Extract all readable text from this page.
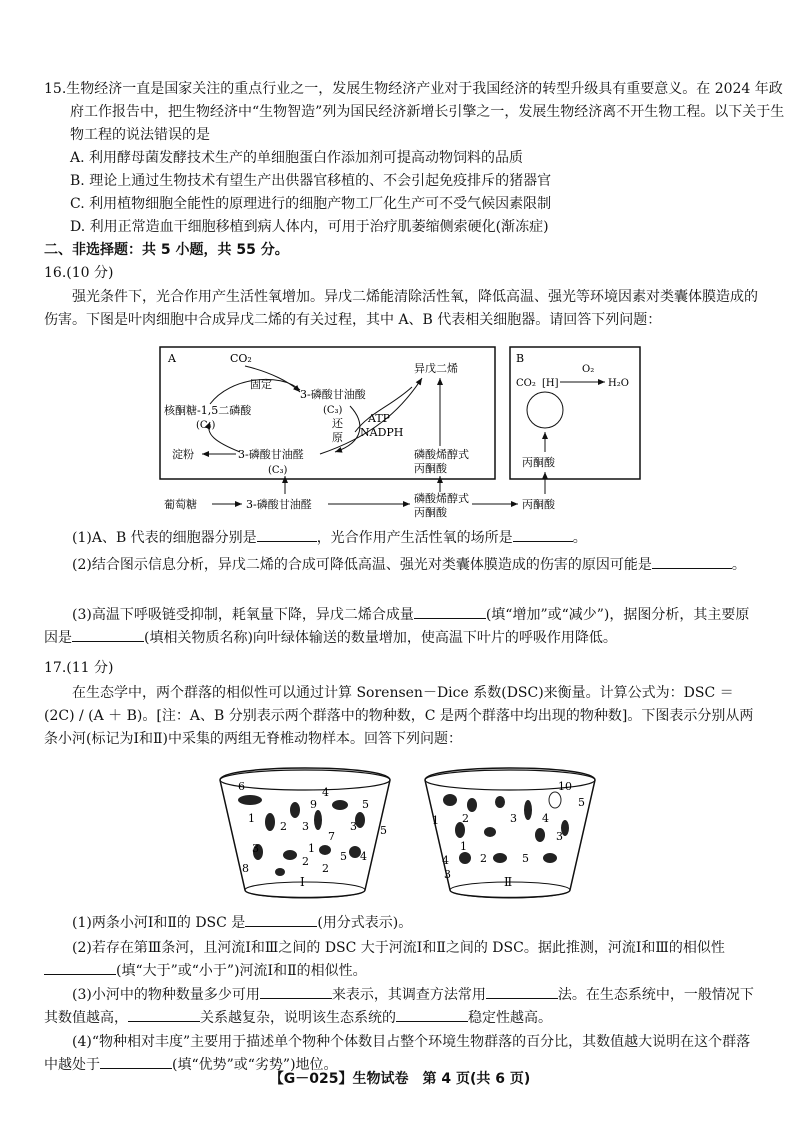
15.生物经济一直是国家关注的重点行业之一，发展生物经济产业对于我国经济的转型升级具有重要意义。在 2024 年政府工作报告中，把生物经济中“生物智造”列为国民经济新增长引擎之一，发展生物经济离不开生物工程。以下关于生物工程的说法错误的是

A. 利用酵母菌发酵技术生产的单细胞蛋白作添加剂可提高动物饲料的品质

B. 理论上通过生物技术有望生产出供器官移植的、不会引起免疫排斥的猪器官

C. 利用植物细胞全能性的原理进行的细胞产物工厂化生产可不受气候因素限制

D. 利用正常造血干细胞移植到病人体内，可用于治疗肌萎缩侧索硬化(渐冻症)

二、非选择题：共 5 小题，共 55 分。

16.(10 分)

强光条件下，光合作用产生活性氧增加。异戊二烯能清除活性氧，降低高温、强光等环境因素对类囊体膜造成的伤害。下图是叶肉细胞中合成异戊二烯的有关过程，其中 A、B 代表相关细胞器。请回答下列问题：

A	CO₂
固定
3-磷酸甘油酸
(C₃)
还
原
ATP
NADPH
核酮糖-1,5二磷酸
(C₅)
异戊二烯
淀粉	3-磷酸甘油醛
(C₃)
磷酸烯醇式
丙酮酸
B
CO₂ [H]
O₂
H₂O
丙酮酸
葡萄糖	3-磷酸甘油醛	磷酸烯醇式
丙酮酸
丙酮酸

(1)A、B 代表的细胞器分别是	，光合作用产生活性氧的场所是	。

(2)结合图示信息分析，异戊二烯的合成可降低高温、强光对类囊体膜造成的伤害的原因可能是	。

(3)高温下呼吸链受抑制，耗氧量下降，异戊二烯合成量	(填“增加”或“减少”)，据图分析，其主要原因是	(填相关物质名称)向叶绿体输送的数量增加，使高温下叶片的呼吸作用降低。

17.(11 分)

在生态学中，两个群落的相似性可以通过计算 Sorensen－Dice 系数(DSC)来衡量。计算公式为：DSC ＝ (2C) / (A ＋ B)。[注：A、B 分别表示两个群落中的物种数，C 是两个群落中均出现的物种数]。下图表示分别从两条小河(标记为Ⅰ和Ⅱ)中采集的两组无脊椎动物样本。回答下列问题：

Ⅰ	Ⅱ
6
1
2 3
4
5
7
9
3 5
2
8
3	1
2
4
5
10
5
1	3 4
2
3
1
2	5
4
3

(1)两条小河Ⅰ和Ⅱ的 DSC 是	(用分式表示)。

(2)若存在第Ⅲ条河，且河流Ⅰ和Ⅲ之间的 DSC 大于河流Ⅰ和Ⅱ之间的 DSC。据此推测，河流Ⅰ和Ⅲ的相似性(填“大于”或“小于”)河流Ⅰ和Ⅱ的相似性。

(3)小河中的物种数量多少可用	来表示，其调查方法常用	法。在生态系统中，一般情况下其数值越高，	关系越复杂，说明该生态系统的	稳定性越高。

(4)“物种相对丰度”主要用于描述单个物种个体数目占整个环境生物群落的百分比，其数值越大说明在这个群落中越处于	(填“优势”或“劣势”)地位。

【G－025】生物试卷　第 4 页(共 6 页)
